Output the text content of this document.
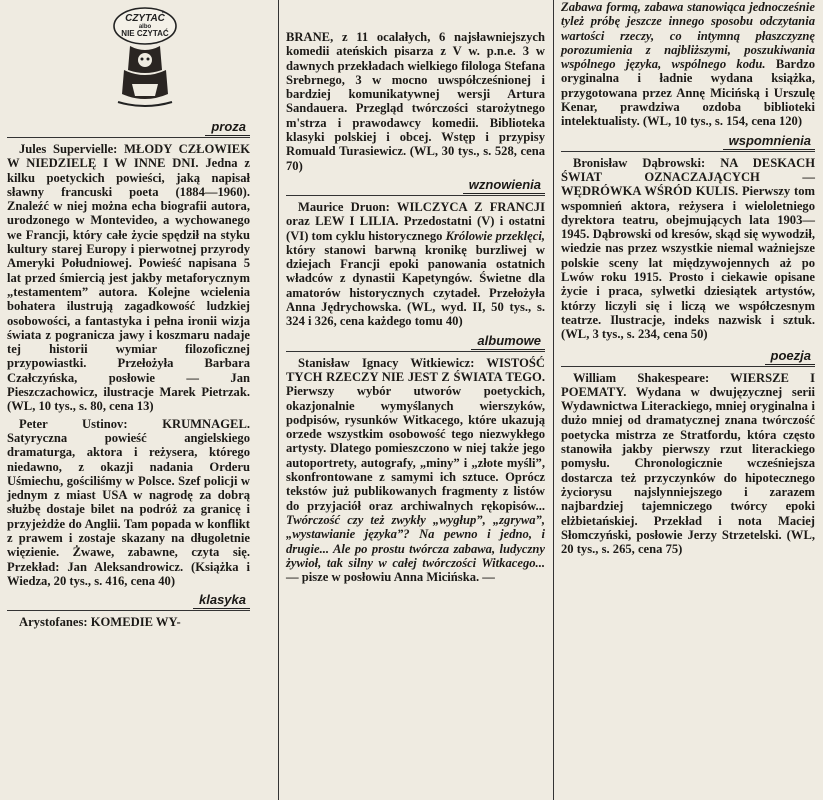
CZYTAĆ
albo
NIE CZYTAĆ
proza

Jules Supervielle: MŁODY CZŁOWIEK W NIEDZIELĘ I W INNE DNI. Jedna z kilku poetyckich powieści, jaką napisał sławny francuski poeta (1884—1960). Znaleźć w niej można echa biografii autora, urodzonego w Montevideo, a wychowanego we Francji, który całe życie spędził na styku kultury starej Europy i pierwotnej przyrody Ameryki Południowej. Powieść napisana 5 lat przed śmiercią jest jakby metaforycznym „testamentem” autora. Kolejne wcielenia bohatera ilustrują zagadkowość ludzkiej osobowości, a fantastyka i pełna ironii wizja świata z pogranicza jawy i koszmaru nadaje tej historii wymiar filozoficznej przypowiastki. Przełożyła Barbara Czałczyńska, posłowie — Jan Pieszczachowicz, ilustracje Marek Pietrzak. (WL, 10 tys., s. 80, cena 13)

Peter Ustinov:	KRUMNAGEL. Satyryczna powieść angielskiego dramaturga, aktora i reżysera, którego niedawno, z okazji nadania Orderu Uśmiechu, gościliśmy w Polsce. Szef policji w jednym z miast USA w nagrodę za dobrą służbę dostaje bilet na podróż za granicę i przyjeżdże do Anglii. Tam popada w konflikt z prawem i zostaje skazany na długoletnie więzienie. Żwawe, zabawne, czyta się. Przekład: Jan Aleksandrowicz. (Książka i Wiedza, 20 tys., s. 416, cena 40)

klasyka

Arystofanes: KOMEDIE WY-

BRANE, z 11 ocalałych, 6 najsławniejszych komedii ateńskich pisarza z V w. p.n.e. 3 w dawnych przekładach wielkiego filologa Stefana Srebrnego, 3 w mocno uwspółcześnionej i bardziej komunikatywnej wersji Artura Sandauera. Przegląd twórczości starożytnego m'strza i prawodawcy komedii. Biblioteka klasyki polskiej i obcej. Wstęp i przypisy Romuald Turasiewicz. (WL, 30 tys., s. 528, cena 70)

wznowienia

Maurice Druon: WILCZYCA Z FRANCJI oraz LEW I LILIA. Przedostatni (V) i ostatni (VI) tom cyklu historycznego Królowie przeklęci, który stanowi barwną kronikę burzliwej w dziejach Francji epoki panowania ostatnich władców z dynastii Kapetyngów. Świetne dla amatorów historycznych czytadeł. Przełożyła Anna Jędrychowska. (WL, wyd. II, 50 tys., s. 324 i 326, cena każdego tomu 40)

albumowe

Stanisław Ignacy Witkiewicz: WISTOŚĆ TYCH RZECZY NIE JEST Z ŚWIATA TEGO. Pierwszy wybór utworów poetyckich, okazjonalnie wymyślanych wierszyków, podpisów, rysunków Witkacego, które ukazują orzede wszystkim osobowość tego niezwykłego artysty. Dlatego pomieszczono w niej także jego autoportrety, autografy, „miny” i „złote myśli”, skonfrontowane z samymi ich sztuce. Oprócz tekstów już publikowanych fragmenty z listów do przyjaciół oraz archiwalnych rękopisów... Twórczość czy też zwykły „wygłup”, „zgrywa”, „wystawianie języka”? Na pewno i jedno, i drugie... Ale po prostu twórcza zabawa, ludyczny żywioł, tak silny w całej twórczości Witkacego... — pisze w posłowiu Anna Micińska. —

Zabawa formą, zabawa stanowiąca jednocześnie tyleż próbę jeszcze innego sposobu odczytania wartości rzeczy, co intymną płaszczyznę porozumienia z najbliższymi, poszukiwania wspólnego języka, wspólnego kodu. Bardzo oryginalna i ładnie wydana książka, przygotowana przez Annę Micińską i Urszulę Kenar, prawdziwa ozdoba biblioteki intelektualisty. (WL, 10 tys., s. 154, cena 120)

wspomnienia

Bronisław Dąbrowski: NA DESKACH ŚWIAT OZNACZAJĄCYCH — WĘDRÓWKA WŚRÓD KULIS. Pierwszy tom wspomnień aktora, reżysera i wieloletniego dyrektora teatru, obejmujących lata 1903—1945. Dąbrowski od kresów, skąd się wywodził, wiedzie nas przez wszystkie niemal ważniejsze polskie sceny lat międzywojennych aż po Lwów roku 1915. Prosto i ciekawie opisane życie i praca, sylwetki dziesiątek artystów, którzy liczyli się i liczą we współczesnym teatrze. Ilustracje, indeks nazwisk i sztuk. (WL, 3 tys., s. 234, cena 50)

poezja

William Shakespeare: WIERSZE I POEMATY. Wydana w dwujęzycznej serii Wydawnictwa Literackiego, mniej oryginalna i dużo mniej od dramatycznej znana twórczość poetycka mistrza ze Stratfordu, która często stanowiła jakby pierwszy rzut literackiego pomysłu. Chronologicznie wcześniejsza dostarcza też przyczynków do hipotecznego życiorysu najslynniejszego i zarazem najbardziej tajemniczego twórcy epoki elżbietańskiej. Przekład i nota Maciej Słomczyński, posłowie Jerzy Strzetelski. (WL, 20 tys., s. 265, cena 75)
